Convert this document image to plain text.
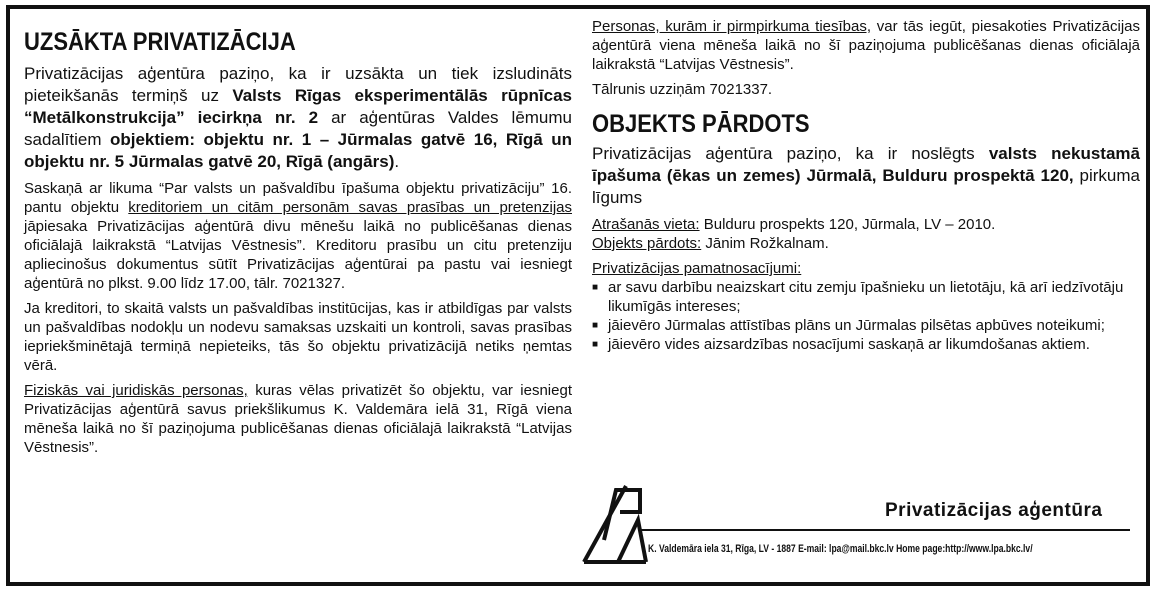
UZSĀKTA PRIVATIZĀCIJA

Privatizācijas aģentūra paziņo, ka ir uzsākta un tiek izsludināts pieteikšanās termiņš uz Valsts Rīgas eksperimentālās rūpnīcas “Metālkonstrukcija” iecirkņa nr. 2 ar aģentūras Valdes lēmumu sadalītiem objektiem: objektu nr. 1 – Jūrmalas gatvē 16, Rīgā un objektu nr. 5 Jūrmalas gatvē 20, Rīgā (angārs).

Saskaņā ar likuma “Par valsts un pašvaldību īpašuma objektu privatizāciju” 16. pantu objektu kreditoriem un citām personām savas prasības un pretenzijas jāpiesaka Privatizācijas aģentūrā divu mēnešu laikā no publicēšanas dienas oficiālajā laikrakstā “Latvijas Vēstnesis”. Kreditoru prasību un citu pretenziju apliecinošus dokumentus sūtīt Privatizācijas aģentūrai pa pastu vai iesniegt aģentūrā no plkst. 9.00 līdz 17.00, tālr. 7021327.

Ja kreditori, to skaitā valsts un pašvaldības institūcijas, kas ir atbildīgas par valsts un pašvaldības nodokļu un nodevu samaksas uzskaiti un kontroli, savas prasības iepriekšminētajā termiņā nepieteiks, tās šo objektu privatizācijā netiks ņemtas vērā.

Fiziskās vai juridiskās personas, kuras vēlas privatizēt šo objektu, var iesniegt Privatizācijas aģentūrā savus priekšlikumus K. Valdemāra ielā 31, Rīgā viena mēneša laikā no šī paziņojuma publicēšanas dienas oficiālajā laikrakstā “Latvijas Vēstnesis”.

Personas, kurām ir pirmpirkuma tiesības, var tās iegūt, piesakoties Privatizācijas aģentūrā viena mēneša laikā no šī paziņojuma publicēšanas dienas oficiālajā laikrakstā “Latvijas Vēstnesis”.

Tālrunis uzziņām 7021337.

OBJEKTS PĀRDOTS

Privatizācijas aģentūra paziņo, ka ir noslēgts valsts nekustamā īpašuma (ēkas un zemes) Jūrmalā, Bulduru prospektā 120, pirkuma līgums

Atrašanās vieta: Bulduru prospekts 120, Jūrmala, LV – 2010.

Objekts pārdots: Jānim Rožkalnam.

Privatizācijas pamatnosacījumi:

■ ar savu darbību neaizskart citu zemju īpašnieku un lietotāju, kā arī iedzīvotāju likumīgās intereses;
■ jāievēro Jūrmalas attīstības plāns un Jūrmalas pilsētas apbūves noteikumi;
■ jāievēro vides aizsardzības nosacījumi saskaņā ar likumdošanas aktiem.
Privatizācijas aģentūra
K. Valdemāra iela 31, Rīga, LV - 1887 E-mail: lpa@mail.bkc.lv Home page:http://www.lpa.bkc.lv/
